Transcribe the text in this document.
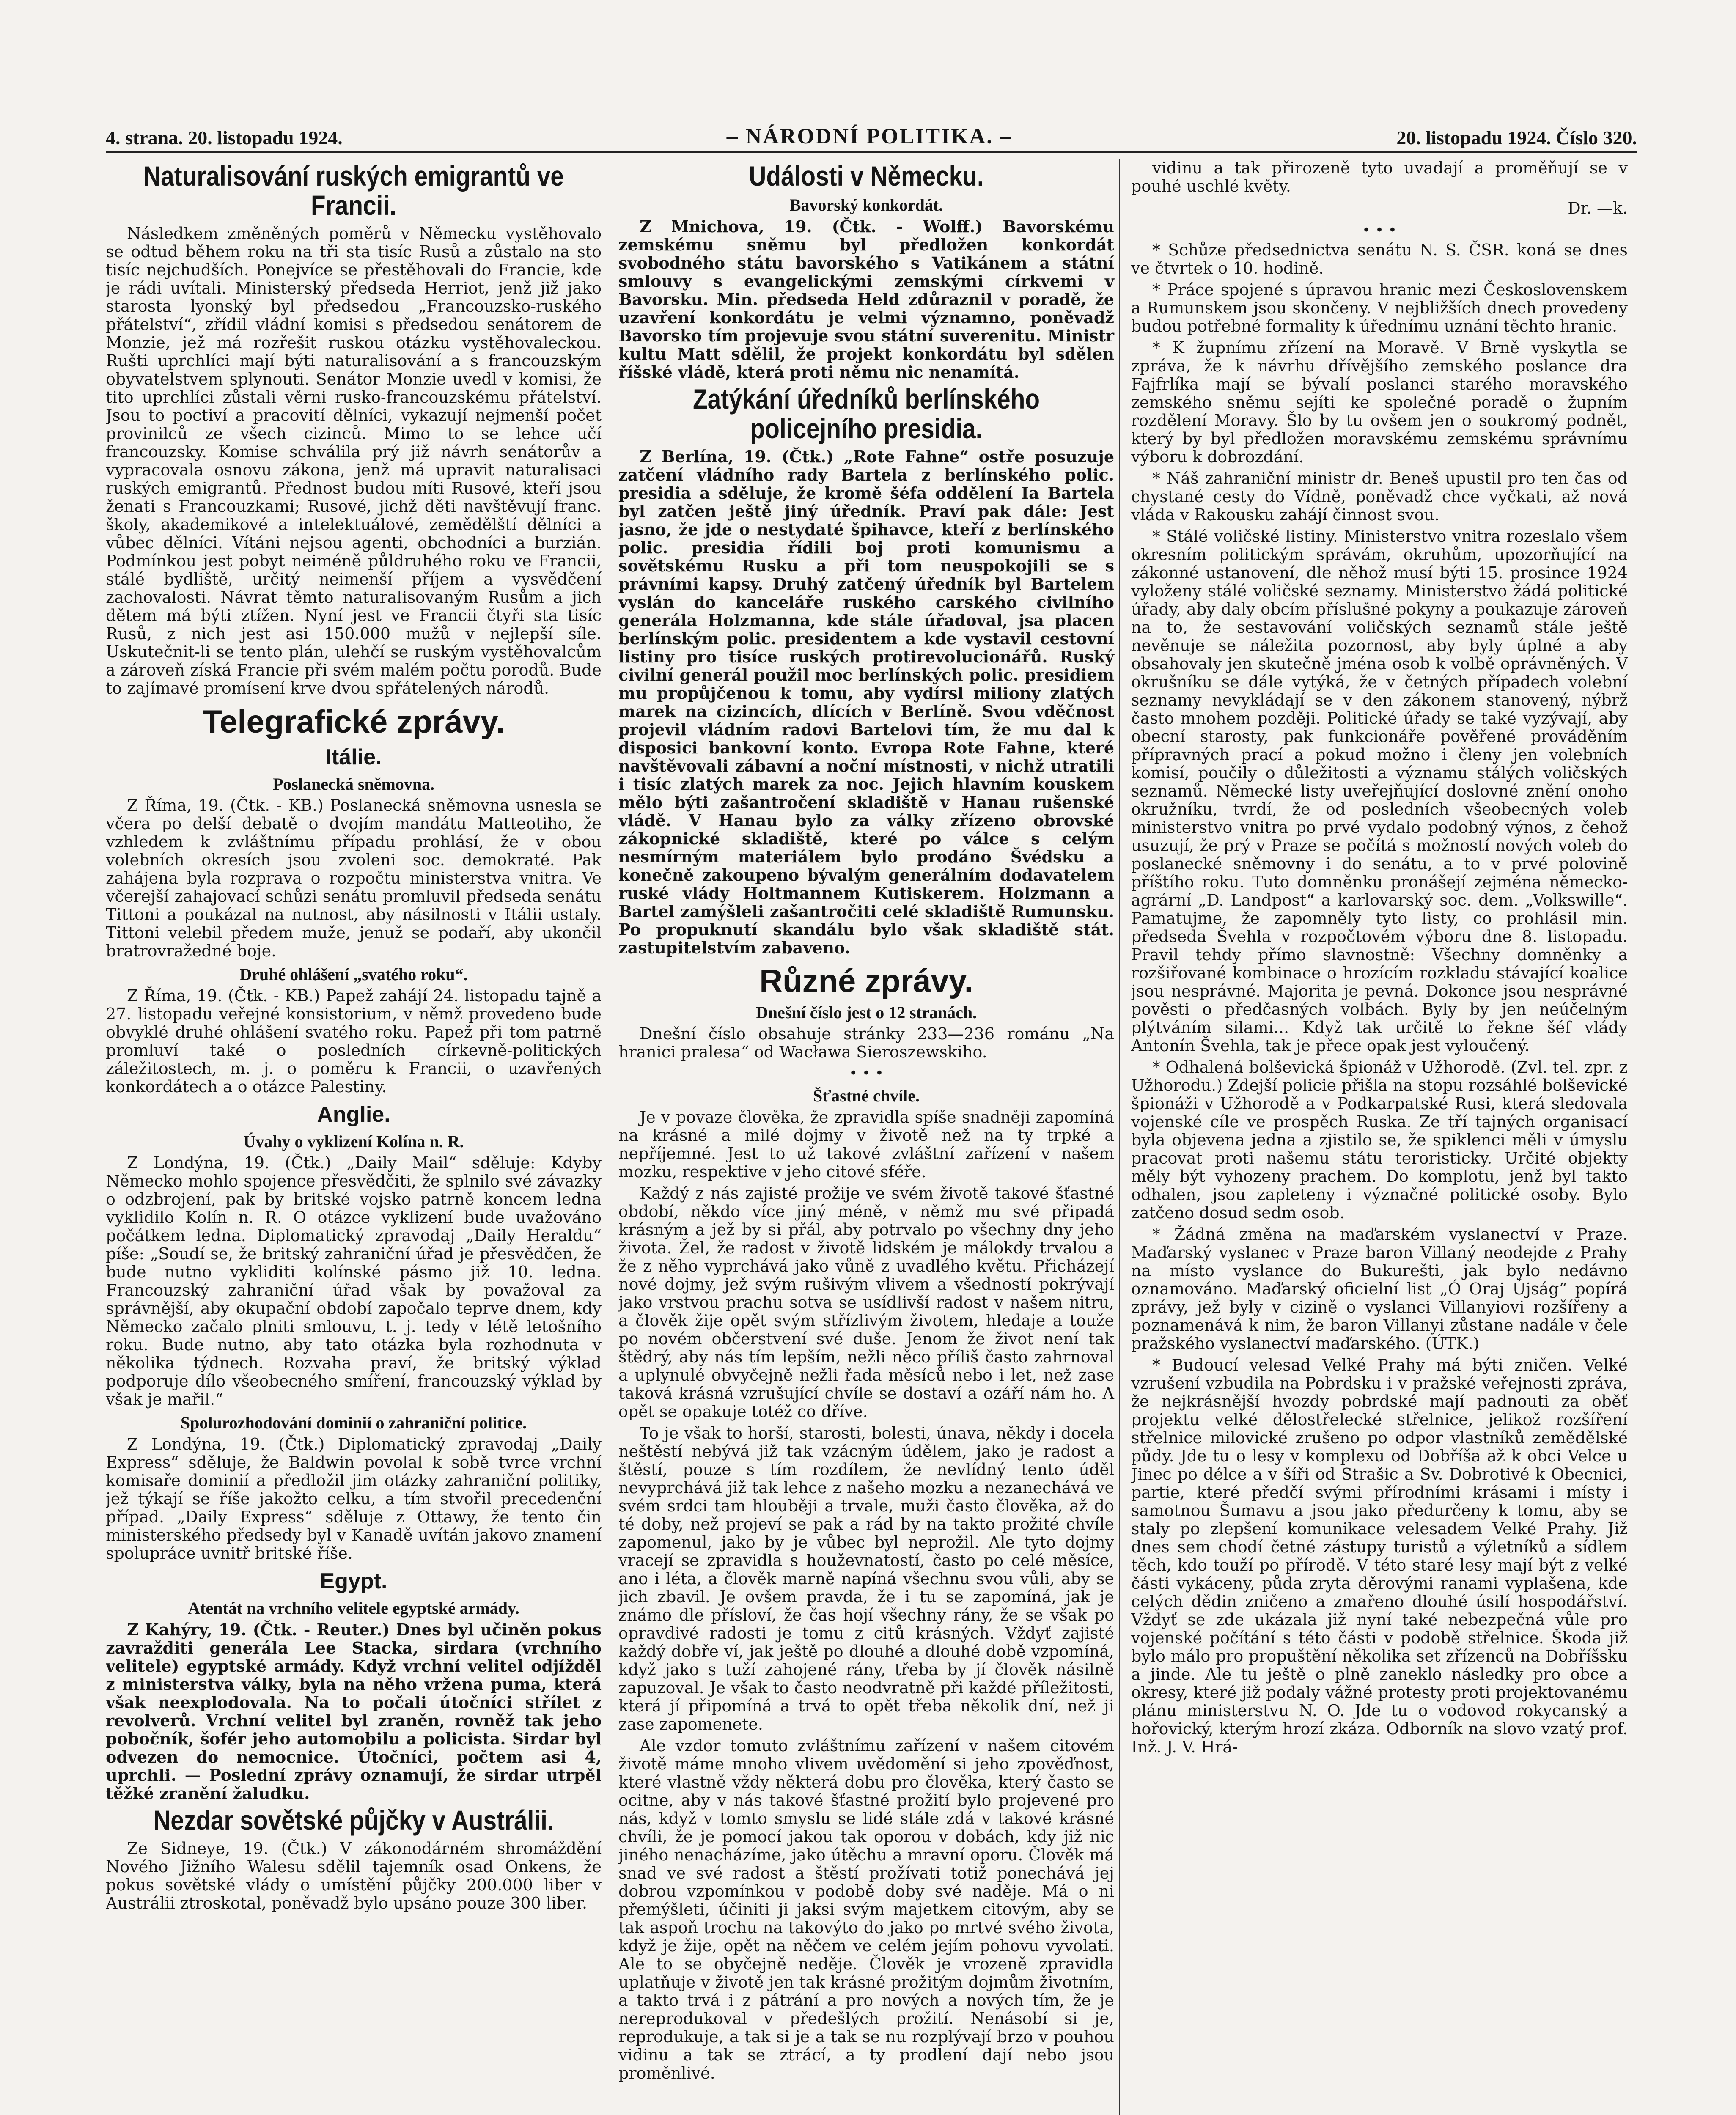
4. strana. 20. listopadu 1924.	– NÁRODNÍ POLITIKA. –	20. listopadu 1924. Číslo 320.
Naturalisování ruských emigrantů ve Francii.

Následkem změněných poměrů v Německu vystěhovalo se odtud během roku na tři sta tisíc Rusů a zůstalo na sto tisíc nejchudších. Ponejvíce se přestěhovali do Francie, kde je rádi uvítali. Ministerský předseda Herriot, jenž již jako starosta lyonský byl předsedou „Francouzsko-ruského přátelství“, zřídil vládní komisi s předsedou senátorem de Monzie, jež má rozřešit ruskou otázku vystěhovaleckou. Rušti uprchlíci mají býti naturalisování a s francouzským obyvatelstvem splynouti. Senátor Monzie uvedl v komisi, že tito uprchlíci zůstali věrni rusko-francouzskému přátelství. Jsou to poctiví a pracovití dělníci, vykazují nejmenší počet provinilců ze všech cizinců. Mimo to se lehce učí francouzsky. Komise schválila prý již návrh senátorův a vypracovala osnovu zákona, jenž má upravit naturalisaci ruských emigrantů. Přednost budou míti Rusové, kteří jsou ženati s Francouzkami; Rusové, jichž děti navštěvují franc. školy, akademikové a intelektuálové, zemědělští dělníci a vůbec dělníci. Vítáni nejsou agenti, obchodníci a burzián. Podmínkou jest pobyt neiméně půldruhého roku ve Francii, stálé bydliště, určitý neimenší příjem a vysvědčení zachovalosti. Návrat těmto naturalisovaným Rusům a jich dětem má býti ztížen. Nyní jest ve Francii čtyři sta tisíc Rusů, z nich jest asi 150.000 mužů v nejlepší síle. Uskutečnit-li se tento plán, ulehčí se ruským vystěhovalcům a zároveň získá Francie při svém malém počtu porodů. Bude to zajímavé promísení krve dvou spřátelených národů.

Telegrafické zprávy.
Itálie.
Poslanecká sněmovna.

Z Říma, 19. (Čtk. - KB.) Poslanecká sněmovna usnesla se včera po delší debatě o dvojím mandátu Matteotiho, že vzhledem k zvláštnímu případu prohlásí, že v obou volebních okresích jsou zvoleni soc. demokraté. Pak zahájena byla rozprava o rozpočtu ministerstva vnitra. Ve včerejší zahajovací schůzi senátu promluvil předseda senátu Tittoni a poukázal na nutnost, aby násilnosti v Itálii ustaly. Tittoni velebil předem muže, jenuž se podaří, aby ukončil bratrovražedné boje.

Druhé ohlášení „svatého roku“.

Z Říma, 19. (Čtk. - KB.) Papež zahájí 24. listopadu tajně a 27. listopadu veřejné konsistorium, v němž provedeno bude obvyklé druhé ohlášení svatého roku. Papež při tom patrně promluví také o posledních církevně-politických záležitostech, m. j. o poměru k Francii, o uzavřených konkordátech a o otázce Palestiny.

Anglie.
Úvahy o vyklizení Kolína n. R.

Z Londýna, 19. (Čtk.) „Daily Mail“ sděluje: Kdyby Německo mohlo spojence přesvědčiti, že splnilo své závazky o odzbrojení, pak by britské vojsko patrně koncem ledna vyklidilo Kolín n. R. O otázce vyklizení bude uvažováno počátkem ledna. Diplomatický zpravodaj „Daily Heraldu“ píše: „Soudí se, že britský zahraniční úřad je přesvědčen, že bude nutno vykliditi kolínské pásmo již 10. ledna. Francouzský zahraniční úřad však by považoval za správnější, aby okupační období započalo teprve dnem, kdy Německo začalo plniti smlouvu, t. j. tedy v létě letošního roku. Bude nutno, aby tato otázka byla rozhodnuta v několika týdnech. Rozvaha praví, že britský výklad podporuje dílo všeobecného smíření, francouzský výklad by však je mařil.“

Spolurozhodování dominií o zahraniční politice.

Z Londýna, 19. (Čtk.) Diplomatický zpravodaj „Daily Express“ sděluje, že Baldwin povolal k sobě tvrce vrchní komisaře dominií a předložil jim otázky zahraniční politiky, jež týkají se říše jakožto celku, a tím stvořil precedenční případ. „Daily Express“ sděluje z Ottawy, že tento čin ministerského předsedy byl v Kanadě uvítán jakovo znamení spolupráce uvnitř britské říše.

Egypt.
Atentát na vrchního velitele egyptské armády.

Z Kahýry, 19. (Čtk. - Reuter.) Dnes byl učiněn pokus zavražditi generála Lee Stacka, sirdara (vrchního velitele) egyptské armády. Když vrchní velitel odjížděl z ministerstva války, byla na něho vržena puma, která však neexplodovala. Na to počali útočníci střílet z revolverů. Vrchní velitel byl zraněn, rovněž tak jeho pobočník, šofér jeho automobilu a policista. Sirdar byl odvezen do nemocnice. Útočníci, počtem asi 4, uprchli. — Poslední zprávy oznamují, že sirdar utrpěl těžké zranění žaludku.

Nezdar sovětské půjčky v Austrálii.

Ze Sidneye, 19. (Čtk.) V zákonodárném shromáždění Nového Jižního Walesu sdělil tajemník osad Onkens, že pokus sovětské vlády o umístění půjčky 200.000 liber v Austrálii ztroskotal, poněvadž bylo upsáno pouze 300 liber.

Události v Německu.
Bavorský konkordát.

Z Mnichova, 19. (Čtk. - Wolff.) Bavorskému zemskému sněmu byl předložen konkordát svobodného státu bavorského s Vatikánem a státní smlouvy s evangelickými zemskými církvemi v Bavorsku. Min. předseda Held zdůraznil v poradě, že uzavření konkordátu je velmi významno, poněvadž Bavorsko tím projevuje svou státní suverenitu. Ministr kultu Matt sdělil, že projekt konkordátu byl sdělen říšské vládě, která proti němu nic nenamítá.

Zatýkání úředníků berlínského policejního presidia.

Z Berlína, 19. (Čtk.) „Rote Fahne“ ostře posuzuje zatčení vládního rady Bartela z berlínského polic. presidia a sděluje, že kromě šéfa oddělení Ia Bartela byl zatčen ještě jiný úředník. Praví pak dále: Jest jasno, že jde o nestydaté špihavce, kteří z berlínského polic. presidia řídili boj proti komunismu a sovětskému Rusku a při tom neuspokojili se s právními kapsy. Druhý zatčený úředník byl Bartelem vyslán do kanceláře ruského carského civilního generála Holzmanna, kde stále úřadoval, jsa placen berlínským polic. presidentem a kde vystavil cestovní listiny pro tisíce ruských protirevolucionářů. Ruský civilní generál použil moc berlínských polic. presidiem mu propůjčenou k tomu, aby vydírsl miliony zlatých marek na cizincích, dlících v Berlíně. Svou vděčnost projevil vládním radovi Bartelovi tím, že mu dal k disposici bankovní konto. Evropa Rote Fahne, které navštěvovali zábavní a noční místnosti, v nichž utratili i tisíc zlatých marek za noc. Jejich hlavním kouskem mělo býti zašantročení skladiště v Hanau rušenské vládě. V Hanau bylo za války zřízeno obrovské zákopnické skladiště, které po válce s celým nesmírným materiálem bylo prodáno Švédsku a konečně zakoupeno bývalým generálním dodavatelem ruské vlády Holtmannem Kutiskerem. Holzmann a Bartel zamýšleli zašantročiti celé skladiště Rumunsku. Po propuknutí skandálu bylo však skladiště stát. zastupitelstvím zabaveno.

Různé zprávy.
Dnešní číslo jest o 12 stranách.

Dnešní číslo obsahuje stránky 233—236 románu „Na hranici pralesa“ od Wacława Sieroszewskiho.

• • •
Šťastné chvíle.

Je v povaze člověka, že zpravidla spíše snadněji zapomíná na krásné a milé dojmy v životě než na ty trpké a nepříjemné. Jest to už takové zvláštní zařízení v našem mozku, respektive v jeho citové sféře.

Každý z nás zajisté prožije ve svém životě takové šťastné období, někdo více jiný méně, v němž mu své připadá krásným a jež by si přál, aby potrvalo po všechny dny jeho života. Žel, že radost v životě lidském je málokdy trvalou a že z něho vyprchává jako vůně z uvadlého květu. Přicházejí nové dojmy, jež svým rušivým vlivem a všedností pokrývají jako vrstvou prachu sotva se usídlivší radost v našem nitru, a člověk žije opět svým střízlivým životem, hledaje a touže po novém občerstvení své duše. Jenom že život není tak štědrý, aby nás tím lepším, nežli něco příliš často zahrnoval a uplynulé obvyčejně nežli řada měsíců nebo i let, než zase taková krásná vzrušující chvíle se dostaví a ozáří nám ho. A opět se opakuje totéž co dříve.

To je však to horší, starosti, bolesti, únava, někdy i docela neštěstí nebývá již tak vzácným údělem, jako je radost a štěstí, pouze s tím rozdílem, že nevlídný tento úděl nevyprchává již tak lehce z našeho mozku a nezanechává ve svém srdci tam hlouběji a trvale, muži často člověka, až do té doby, než projeví se pak a rád by na takto prožité chvíle zapomenul, jako by je vůbec byl neprožil. Ale tyto dojmy vracejí se zpravidla s houževnatostí, často po celé měsíce, ano i léta, a člověk marně napíná všechnu svou vůli, aby se jich zbavil. Je ovšem pravda, že i tu se zapomíná, jak je známo dle přísloví, že čas hojí všechny rány, že se však po opravdivé radosti je tomu z citů krásných. Vždyť zajisté každý dobře ví, jak ještě po dlouhé a dlouhé době vzpomíná, když jako s tuží zahojené rány, třeba by jí člověk násilně zapuzoval. Je však to často neodvratně při každé příležitosti, která jí připomíná a trvá to opět třeba několik dní, než ji zase zapomenete.

Ale vzdor tomuto zvláštnímu zařízení v našem citovém životě máme mnoho vlivem uvědomění si jeho zpověďnost, které vlastně vždy některá dobu pro člověka, který často se ocitne, aby v nás takové šťastné prožití bylo projevené pro nás, když v tomto smyslu se lidé stále zdá v takové krásné chvíli, že je pomocí jakou tak oporou v dobách, kdy již nic jiného nenacházíme, jako útěchu a mravní oporu. Člověk má snad ve své radost a štěstí prožívati totiž ponechává jej dobrou vzpomínkou v podobě doby své naděje. Má o ni přemýšleti, účiniti ji jaksi svým majetkem citovým, aby se tak aspoň trochu na takovýto do jako po mrtvé svého života, když je žije, opět na něčem ve celém jejím pohovu vyvolati. Ale to se obyčejně neděje. Člověk je vrozeně zpravidla uplatňuje v životě jen tak krásné prožitým dojmům životním, a takto trvá i z pátrání a pro nových a nových tím, že je nereprodukoval v předešlých prožití. Nenásobí si je, reprodukuje, a tak si je a tak se nu rozplývají brzo v pouhou vidinu a tak se ztrácí, a ty prodlení dají nebo jsou proměnlivé.

vidinu a tak přirozeně tyto uvadají a proměňují se v pouhé uschlé květy.

Dr. —k.
• • •

* Schůze předsednictva senátu N. S. ČSR. koná se dnes ve čtvrtek o 10. hodině.

* Práce spojené s úpravou hranic mezi Československem a Rumunskem jsou skončeny. V nejbližších dnech provedeny budou potřebné formality k úřednímu uznání těchto hranic.

* K župnímu zřízení na Moravě. V Brně vyskytla se zpráva, že k návrhu dřívějšího zemského poslance dra Fajfrlíka mají se bývalí poslanci starého moravského zemského sněmu sejíti ke společné poradě o župním rozdělení Moravy. Šlo by tu ovšem jen o soukromý podnět, který by byl předložen moravskému zemskému správnímu výboru k dobrozdání.

* Náš zahraniční ministr dr. Beneš upustil pro ten čas od chystané cesty do Vídně, poněvadž chce vyčkati, až nová vláda v Rakousku zahájí činnost svou.

* Stálé voličské listiny. Ministerstvo vnitra rozeslalo všem okresním politickým správám, okruhům, upozorňující na zákonné ustanovení, dle něhož musí býti 15. prosince 1924 vyloženy stálé voličské seznamy. Ministerstvo žádá politické úřady, aby daly obcím příslušné pokyny a poukazuje zároveň na to, že sestavování voličských seznamů stále ještě nevěnuje se náležita pozornost, aby byly úplné a aby obsahovaly jen skutečně jména osob k volbě oprávněných. V okrušníku se dále vytýká, že v četných případech volební seznamy nevykládají se v den zákonem stanovený, nýbrž často mnohem později. Politické úřady se také vyzývají, aby obecní starosty, pak funkcionáře pověřené prováděním přípravných prací a pokud možno i členy jen volebních komisí, poučily o důležitosti a významu stálých voličských seznamů. Německé listy uveřejňující doslovné znění onoho okružníku, tvrdí, že od posledních všeobecných voleb ministerstvo vnitra po prvé vydalo podobný výnos, z čehož usuzují, že prý v Praze se počítá s možností nových voleb do poslanecké sněmovny i do senátu, a to v prvé polovině příštího roku. Tuto domněnku pronášejí zejména německo-agrární „D. Landpost“ a karlovarský soc. dem. „Volkswille“. Pamatujme, že zapomněly tyto listy, co prohlásil min. předseda Švehla v rozpočtovém výboru dne 8. listopadu. Pravil tehdy přímo slavnostně: Všechny domněnky a rozšiřované kombinace o hrozícím rozkladu stávající koalice jsou nesprávné. Majorita je pevná. Dokonce jsou nesprávné pověsti o předčasných volbách. Byly by jen neúčelným plýtváním silami... Když tak určitě to řekne šéf vlády Antonín Švehla, tak je přece opak jest vyloučený.

* Odhalená bolševická špionáž v Užhorodě. (Zvl. tel. zpr. z Užhorodu.) Zdejší policie přišla na stopu rozsáhlé bolševické špionáži v Užhorodě a v Podkarpatské Rusi, která sledovala vojenské cíle ve prospěch Ruska. Ze tří tajných organisací byla objevena jedna a zjistilo se, že spiklenci měli v úmyslu pracovat proti našemu státu teroristicky. Určité objekty měly být vyhozeny prachem. Do komplotu, jenž byl takto odhalen, jsou zapleteny i význačné politické osoby. Bylo zatčeno dosud sedm osob.

* Žádná změna na maďarském vyslanectví v Praze. Maďarský vyslanec v Praze baron Villaný neodejde z Prahy na místo vyslance do Bukurešti, jak bylo nedávno oznamováno. Maďarský oficielní list „Ó Oraj Újság“ popírá zprávy, jež byly v cizině o vyslanci Villanyiovi rozšířeny a poznamenává k nim, že baron Villanyi zůstane nadále v čele pražského vyslanectví maďarského. (ÚTK.)

* Budoucí velesad Velké Prahy má býti zničen. Velké vzrušení vzbudila na Pobrdsku i v pražské veřejnosti zpráva, že nejkrásnější hvozdy pobrdské mají padnouti za oběť projektu velké dělostřelecké střelnice, jelikož rozšíření střelnice milovické zrušeno po odpor vlastníků zemědělské půdy. Jde tu o lesy v komplexu od Dobříša až k obci Velce u Jinec po délce a v šíři od Strašic a Sv. Dobrotivé k Obecnici, partie, které předčí svými přírodními krásami i místy i samotnou Šumavu a jsou jako předurčeny k tomu, aby se staly po zlepšení komunikace velesadem Velké Prahy. Již dnes sem chodí četné zástupy turistů a výletníků a sídlem těch, kdo touží po přírodě. V této staré lesy mají být z velké části vykáceny, půda zryta děrovými ranami vyplašena, kde celých dědin zničeno a zmařeno dlouhé úsilí hospodářství. Vždyť se zde ukázala již nyní také nebezpečná vůle pro vojenské počítání s této části v podobě střelnice. Škoda již bylo málo pro propuštění několika set zřízenců na Dobříšsku a jinde. Ale tu ještě o plně zaneklo následky pro obce a okresy, které již podaly vážné protesty proti projektovanému plánu ministerstvu N. O. Jde tu o vodovod rokycanský a hořovický, kterým hrozí zkáza. Odborník na slovo vzatý prof. Inž. J. V. Hrá-
